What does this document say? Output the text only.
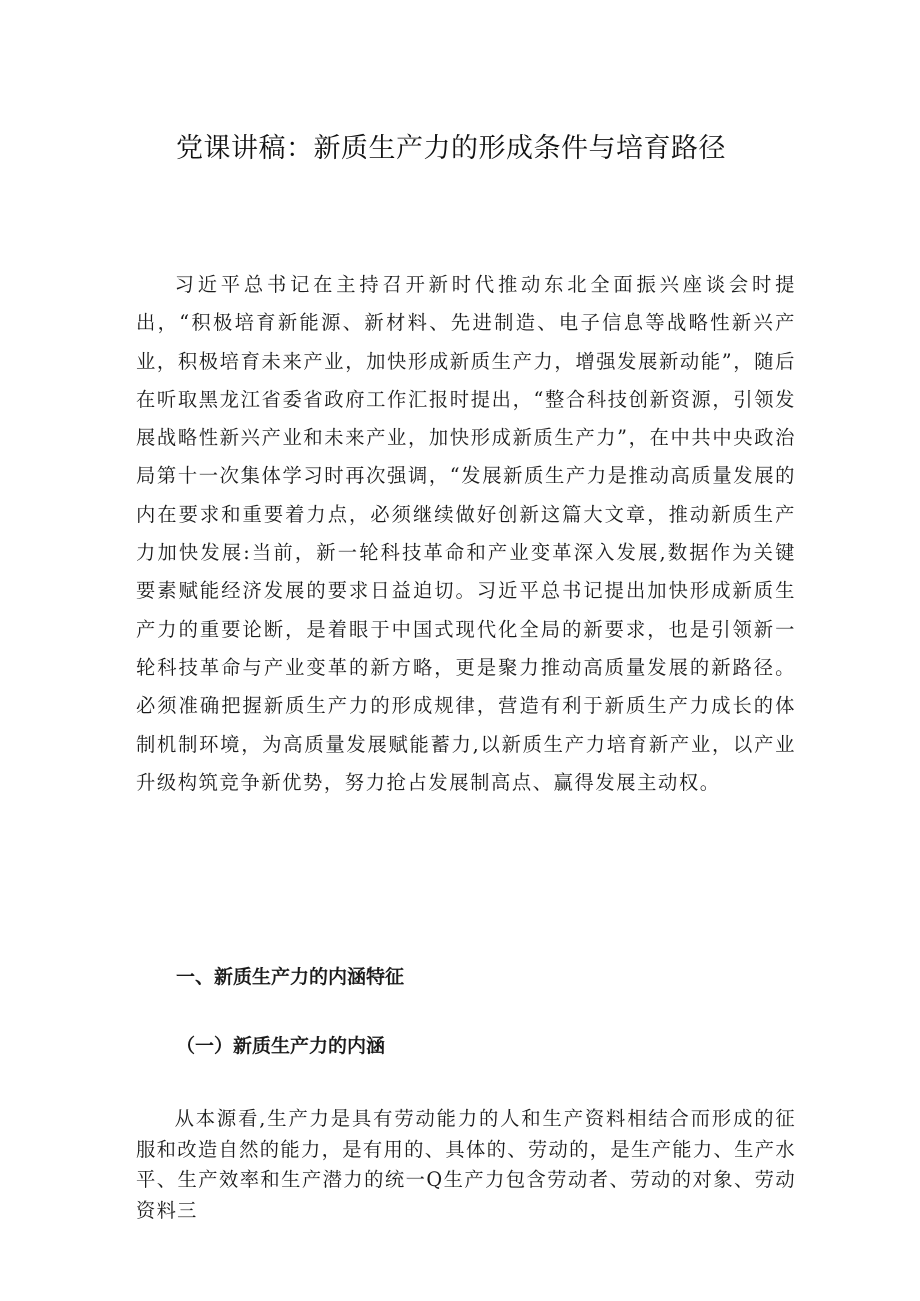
党课讲稿：新质生产力的形成条件与培育路径

习近平总书记在主持召开新时代推动东北全面振兴座谈会时提出，“积极培育新能源、新材料、先进制造、电子信息等战略性新兴产业，积极培育未来产业，加快形成新质生产力，增强发展新动能”，随后在听取黑龙江省委省政府工作汇报时提出，“整合科技创新资源，引领发展战略性新兴产业和未来产业，加快形成新质生产力”，在中共中央政治局第十一次集体学习时再次强调，“发展新质生产力是推动高质量发展的内在要求和重要着力点，必须继续做好创新这篇大文章，推动新质生产力加快发展:当前，新一轮科技革命和产业变革深入发展,数据作为关键要素赋能经济发展的要求日益迫切。习近平总书记提出加快形成新质生产力的重要论断，是着眼于中国式现代化全局的新要求，也是引领新一轮科技革命与产业变革的新方略，更是聚力推动高质量发展的新路径。必须准确把握新质生产力的形成规律，营造有利于新质生产力成长的体制机制环境，为高质量发展赋能蓄力,以新质生产力培育新产业，以产业升级构筑竞争新优势，努力抢占发展制高点、赢得发展主动权。

一、新质生产力的内涵特征
（一）新质生产力的内涵

从本源看,生产力是具有劳动能力的人和生产资料相结合而形成的征服和改造自然的能力，是有用的、具体的、劳动的，是生产能力、生产水平、生产效率和生产潜力的统一Q生产力包含劳动者、劳动的对象、劳动资料三
